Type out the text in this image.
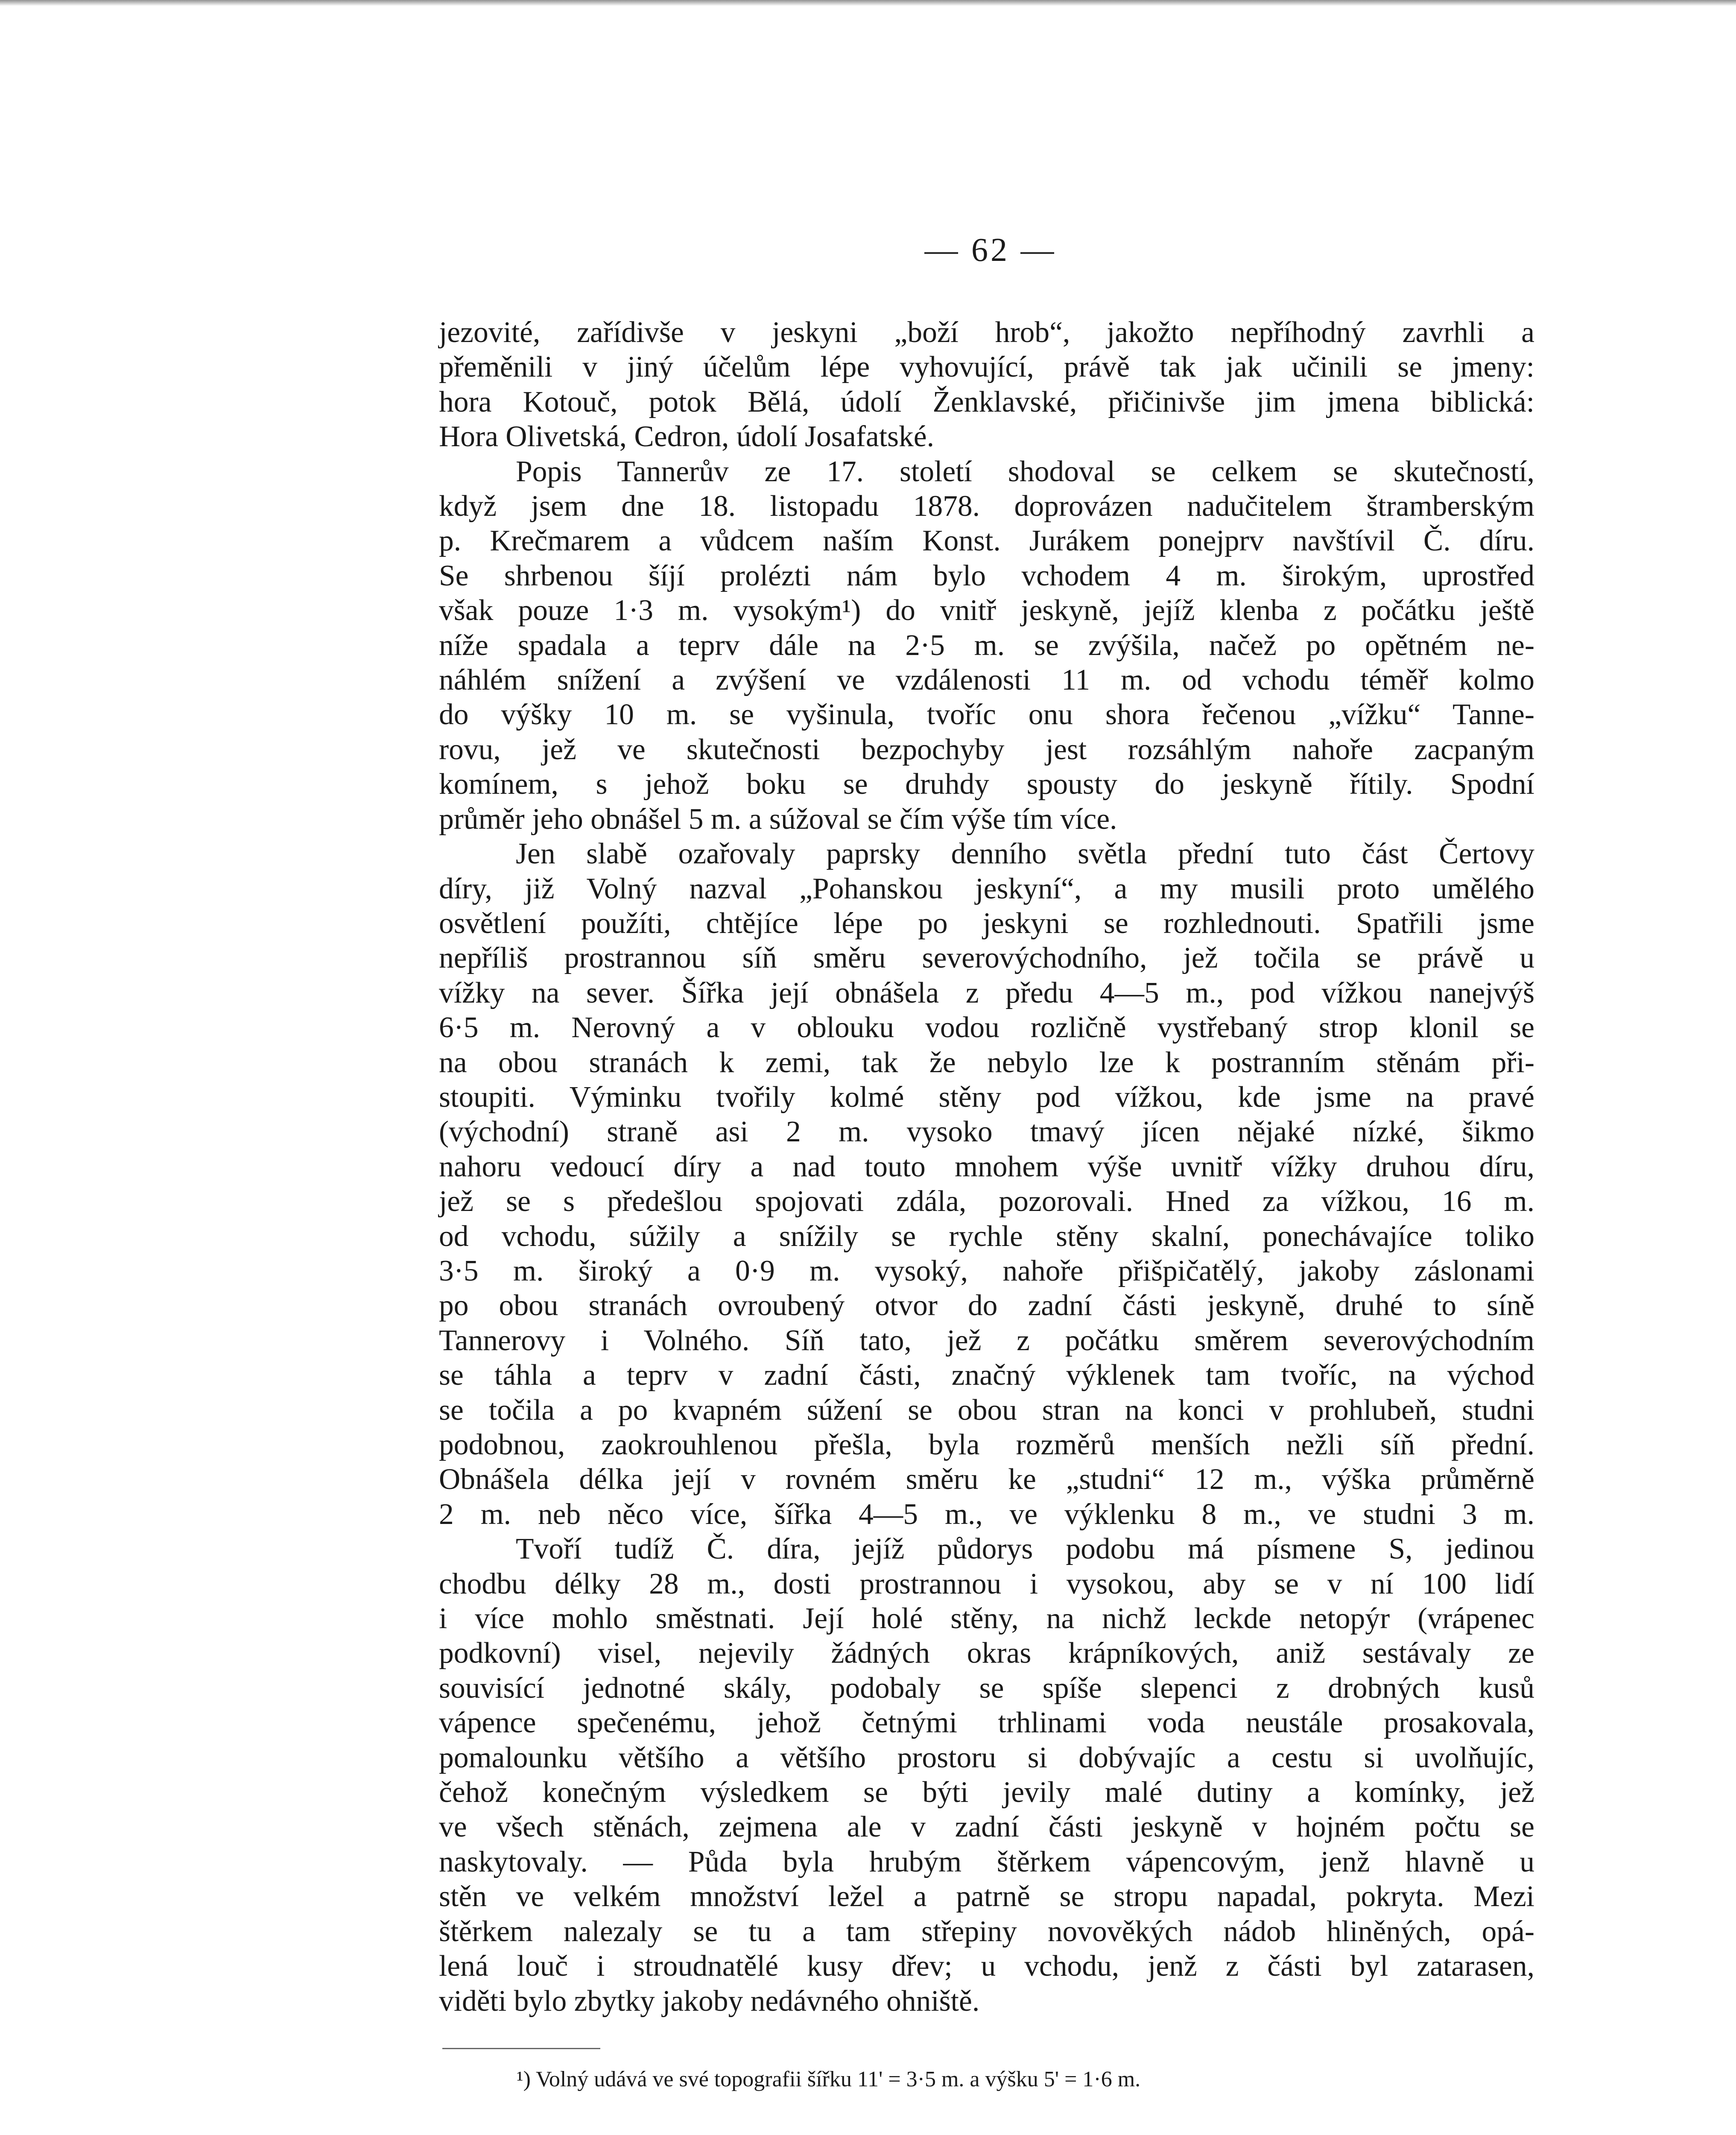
— 62 —

jezovité, zařídivše v jeskyni „boží hrob“, jakožto nepříhodný zavrhli a
přeměnili v jiný účelům lépe vyhovující, právě tak jak učinili se jmeny:
hora Kotouč, potok Bělá, údolí Ženklavské, přičinivše jim jmena biblická:
Hora Olivetská, Cedron, údolí Josafatské.

Popis Tannerův ze 17. století shodoval se celkem se skutečností,
když jsem dne 18. listopadu 1878. doprovázen nadučitelem štramberským
p. Krečmarem a vůdcem naším Konst. Jurákem ponejprv navštívil Č. díru.
Se shrbenou šíjí prolézti nám bylo vchodem 4 m. širokým, uprostřed
však pouze 1·3 m. vysokým¹) do vnitř jeskyně, jejíž klenba z počátku ještě
níže spadala a teprv dále na 2·5 m. se zvýšila, načež po opětném ne-
náhlém snížení a zvýšení ve vzdálenosti 11 m. od vchodu téměř kolmo
do výšky 10 m. se vyšinula, tvoříc onu shora řečenou „vížku“ Tanne-
rovu, jež ve skutečnosti bezpochyby jest rozsáhlým nahoře zacpaným
komínem, s jehož boku se druhdy spousty do jeskyně řítily. Spodní
průměr jeho obnášel 5 m. a súžoval se čím výše tím více.

Jen slabě ozařovaly paprsky denního světla přední tuto část Čertovy
díry, již Volný nazval „Pohanskou jeskyní“, a my musili proto umělého
osvětlení použíti, chtějíce lépe po jeskyni se rozhlednouti. Spatřili jsme
nepříliš prostrannou síň směru severovýchodního, jež točila se právě u
vížky na sever. Šířka její obnášela z předu 4—5 m., pod vížkou nanejvýš
6·5 m. Nerovný a v oblouku vodou rozličně vystřebaný strop klonil se
na obou stranách k zemi, tak že nebylo lze k postranním stěnám při-
stoupiti. Výminku tvořily kolmé stěny pod vížkou, kde jsme na pravé
(východní) straně asi 2 m. vysoko tmavý jícen nějaké nízké, šikmo
nahoru vedoucí díry a nad touto mnohem výše uvnitř vížky druhou díru,
jež se s předešlou spojovati zdála, pozorovali. Hned za vížkou, 16 m.
od vchodu, súžily a snížily se rychle stěny skalní, ponechávajíce toliko
3·5 m. široký a 0·9 m. vysoký, nahoře přišpičatělý, jakoby záslonami
po obou stranách ovroubený otvor do zadní části jeskyně, druhé to síně
Tannerovy i Volného. Síň tato, jež z počátku směrem severovýchodním
se táhla a teprv v zadní části, značný výklenek tam tvoříc, na východ
se točila a po kvapném súžení se obou stran na konci v prohlubeň, studni
podobnou, zaokrouhlenou přešla, byla rozměrů menších nežli síň přední.
Obnášela délka její v rovném směru ke „studni“ 12 m., výška průměrně
2 m. neb něco více, šířka 4—5 m., ve výklenku 8 m., ve studni 3 m.

Tvoří tudíž Č. díra, jejíž půdorys podobu má písmene S, jedinou
chodbu délky 28 m., dosti prostrannou i vysokou, aby se v ní 100 lidí
i více mohlo směstnati. Její holé stěny, na nichž leckde netopýr (vrápenec
podkovní) visel, nejevily žádných okras krápníkových, aniž sestávaly ze
souvisící jednotné skály, podobaly se spíše slepenci z drobných kusů
vápence spečenému, jehož četnými trhlinami voda neustále prosakovala,
pomalounku většího a většího prostoru si dobývajíc a cestu si uvolňujíc,
čehož konečným výsledkem se býti jevily malé dutiny a komínky, jež
ve všech stěnách, zejmena ale v zadní části jeskyně v hojném počtu se
naskytovaly. — Půda byla hrubým štěrkem vápencovým, jenž hlavně u
stěn ve velkém množství ležel a patrně se stropu napadal, pokryta. Mezi
štěrkem nalezaly se tu a tam střepiny novověkých nádob hliněných, opá-
lená louč i stroudnatělé kusy dřev; u vchodu, jenž z části byl zatarasen,
viděti bylo zbytky jakoby nedávného ohniště.

¹) Volný udává ve své topografii šířku 11' = 3·5 m. a výšku 5' = 1·6 m.
